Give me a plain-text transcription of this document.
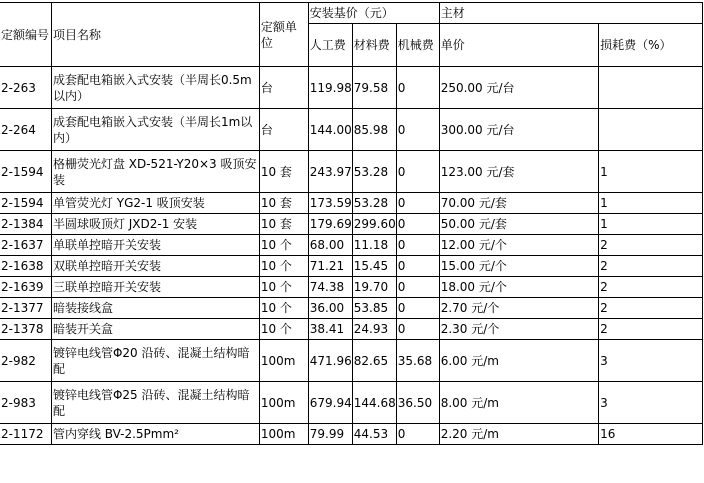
定额编号	项目名称	定额单位	安装基价（元）			主材	
			人工费	材料费	机械费	单价	损耗费（%）
2-263	成套配电箱嵌入式安装（半周长0.5m以内）	台	119.98	79.58	0	250.00 元/台	
2-264	成套配电箱嵌入式安装（半周长1m以内）	台	144.00	85.98	0	300.00 元/台	
2-1594	格栅荧光灯盘 XD-521-Y20×3 吸顶安装	10 套	243.97	53.28	0	123.00 元/套	1
2-1594	单管荧光灯 YG2-1 吸顶安装	10 套	173.59	53.28	0	70.00 元/套	1
2-1384	半圆球吸顶灯 JXD2-1 安装	10 套	179.69	299.60	0	50.00 元/套	1
2-1637	单联单控暗开关安装	10 个	68.00	11.18	0	12.00 元/个	2
2-1638	双联单控暗开关安装	10 个	71.21	15.45	0	15.00 元/个	2
2-1639	三联单控暗开关安装	10 个	74.38	19.70	0	18.00 元/个	2
2-1377	暗装接线盒	10 个	36.00	53.85	0	2.70 元/个	2
2-1378	暗装开关盒	10 个	38.41	24.93	0	2.30 元/个	2
2-982	镀锌电线管Φ20 沿砖、混凝土结构暗配	100m	471.96	82.65	35.68	6.00 元/m	3
2-983	镀锌电线管Φ25 沿砖、混凝土结构暗配	100m	679.94	144.68	36.50	8.00 元/m	3
2-1172	管内穿线 BV-2.5Pmm²	100m	79.99	44.53	0	2.20 元/m	16
